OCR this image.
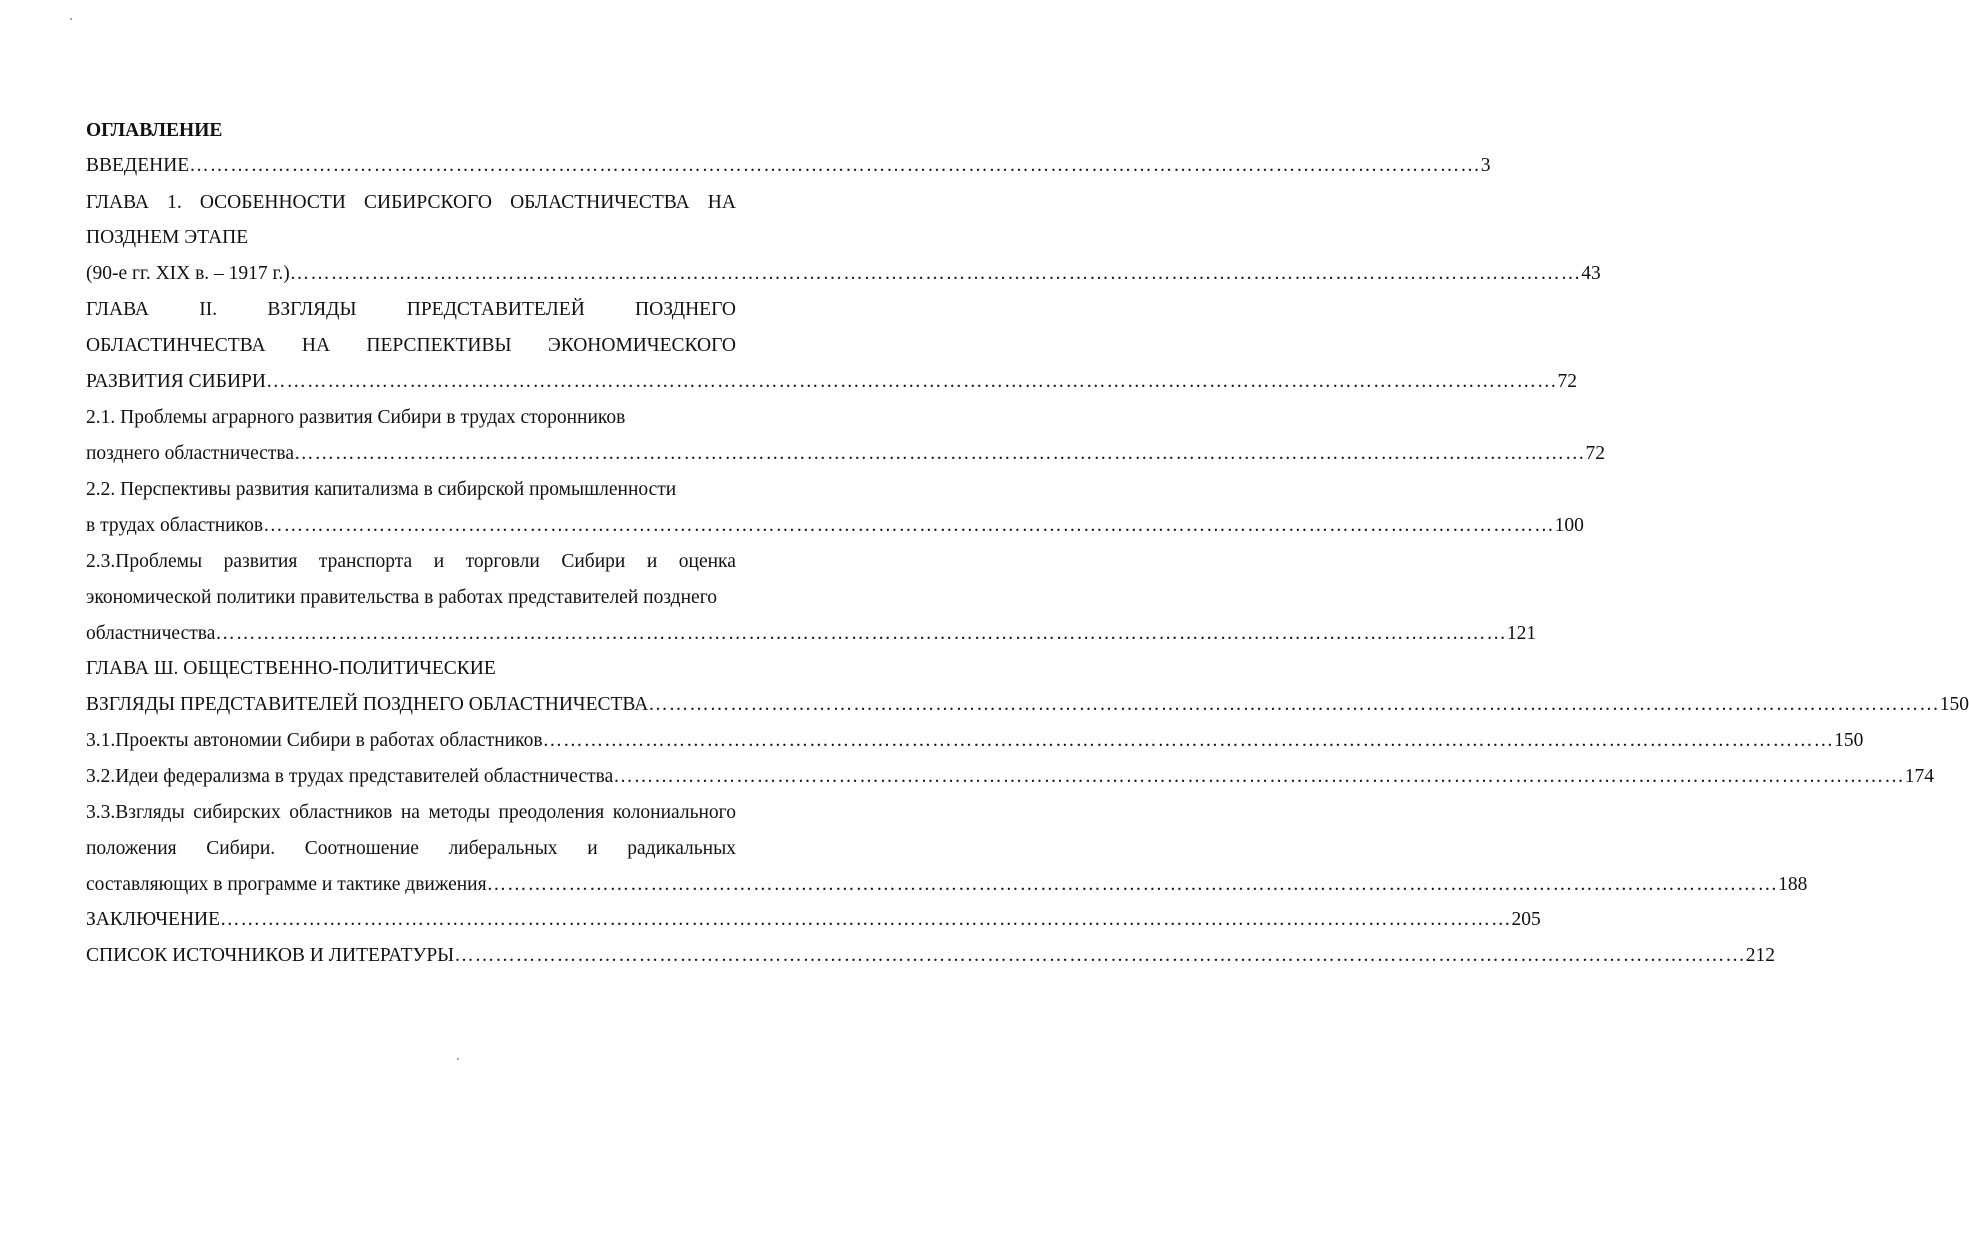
ОГЛАВЛЕНИЕ
ВВЕДЕНИЕ ……………………………………………………………………………………………………………………………………………………………………… 3
ГЛАВА 1. ОСОБЕННОСТИ СИБИРСКОГО ОБЛАСТНИЧЕСТВА НА
ПОЗДНЕМ ЭТАПЕ
(90-е гг. XIX в. – 1917 г.) ……………………………………………………………………………………………………………………………………………………………………… 43
ГЛАВА	II.	ВЗГЛЯДЫ	ПРЕДСТАВИТЕЛЕЙ	ПОЗДНЕГО
ОБЛАСТИНЧЕСТВА НА ПЕРСПЕКТИВЫ ЭКОНОМИЧЕСКОГО
РАЗВИТИЯ СИБИРИ ……………………………………………………………………………………………………………………………………………………………………… 72
2.1. Проблемы аграрного развития Сибири в трудах сторонников
позднего областничества ……………………………………………………………………………………………………………………………………………………………………… 72
2.2. Перспективы развития капитализма в сибирской промышленности
в трудах областников ……………………………………………………………………………………………………………………………………………………………………… 100
2.3.Проблемы развития транспорта и торговли Сибири и оценка
экономической политики правительства в работах представителей позднего
областничества ……………………………………………………………………………………………………………………………………………………………………… 121
ГЛАВА Ш. ОБЩЕСТВЕННО-ПОЛИТИЧЕСКИЕ
ВЗГЛЯДЫ ПРЕДСТАВИТЕЛЕЙ ПОЗДНЕГО ОБЛАСТНИЧЕСТВА ……………………………………………………………………………………………………………………………………………………………………… 150
3.1.Проекты автономии Сибири в работах областников ……………………………………………………………………………………………………………………………………………………………………… 150
3.2.Идеи федерализма в трудах представителей областничества ……………………………………………………………………………………………………………………………………………………………………… 174
3.3.Взгляды сибирских областников на методы преодоления колониального
положения Сибири. Соотношение либеральных и радикальных
составляющих в программе и тактике движения ……………………………………………………………………………………………………………………………………………………………………… 188
ЗАКЛЮЧЕНИЕ ……………………………………………………………………………………………………………………………………………………………………… 205
СПИСОК ИСТОЧНИКОВ И ЛИТЕРАТУРЫ ……………………………………………………………………………………………………………………………………………………………………… 212
